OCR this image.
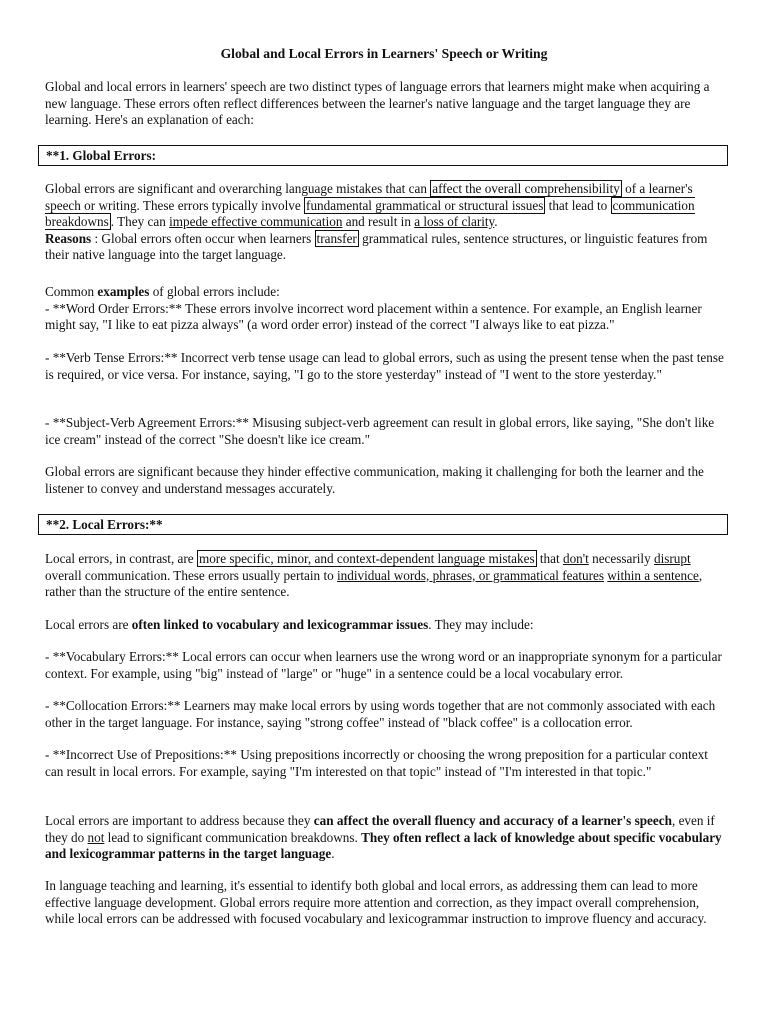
Global and Local Errors in Learners' Speech or Writing

Global and local errors in learners' speech are two distinct types of language errors that learners might make when acquiring a new language. These errors often reflect differences between the learner's native language and the target language they are learning. Here's an explanation of each:

**1. Global Errors:

Global errors are significant and overarching language mistakes that can affect the overall comprehensibility of a learner's speech or writing. These errors typically involve fundamental grammatical or structural issues that lead to communication breakdowns . They can impede effective communication and result in a loss of clarity.
Reasons : Global errors often occur when learners transfer grammatical rules, sentence structures, or linguistic features from their native language into the target language.

Common examples of global errors include:
- **Word Order Errors:** These errors involve incorrect word placement within a sentence. For example, an English learner might say, "I like to eat pizza always" (a word order error) instead of the correct "I always like to eat pizza."

- **Verb Tense Errors:** Incorrect verb tense usage can lead to global errors, such as using the present tense when the past tense is required, or vice versa. For instance, saying, "I go to the store yesterday" instead of "I went to the store yesterday."

- **Subject-Verb Agreement Errors:** Misusing subject-verb agreement can result in global errors, like saying, "She don't like ice cream" instead of the correct "She doesn't like ice cream."

Global errors are significant because they hinder effective communication, making it challenging for both the learner and the listener to convey and understand messages accurately.

**2. Local Errors:**

Local errors, in contrast, are more specific, minor, and context-dependent language mistakes that don't necessarily disrupt overall communication. These errors usually pertain to individual words, phrases, or grammatical features within a sentence, rather than the structure of the entire sentence.

Local errors are often linked to vocabulary and lexicogrammar issues. They may include:

- **Vocabulary Errors:** Local errors can occur when learners use the wrong word or an inappropriate synonym for a particular context. For example, using "big" instead of "large" or "huge" in a sentence could be a local vocabulary error.

- **Collocation Errors:** Learners may make local errors by using words together that are not commonly associated with each other in the target language. For instance, saying "strong coffee" instead of "black coffee" is a collocation error.

- **Incorrect Use of Prepositions:** Using prepositions incorrectly or choosing the wrong preposition for a particular context can result in local errors. For example, saying "I'm interested on that topic" instead of "I'm interested in that topic."

Local errors are important to address because they can affect the overall fluency and accuracy of a learner's speech, even if they do not lead to significant communication breakdowns. They often reflect a lack of knowledge about specific vocabulary and lexicogrammar patterns in the target language.

In language teaching and learning, it's essential to identify both global and local errors, as addressing them can lead to more effective language development. Global errors require more attention and correction, as they impact overall comprehension, while local errors can be addressed with focused vocabulary and lexicogrammar instruction to improve fluency and accuracy.
